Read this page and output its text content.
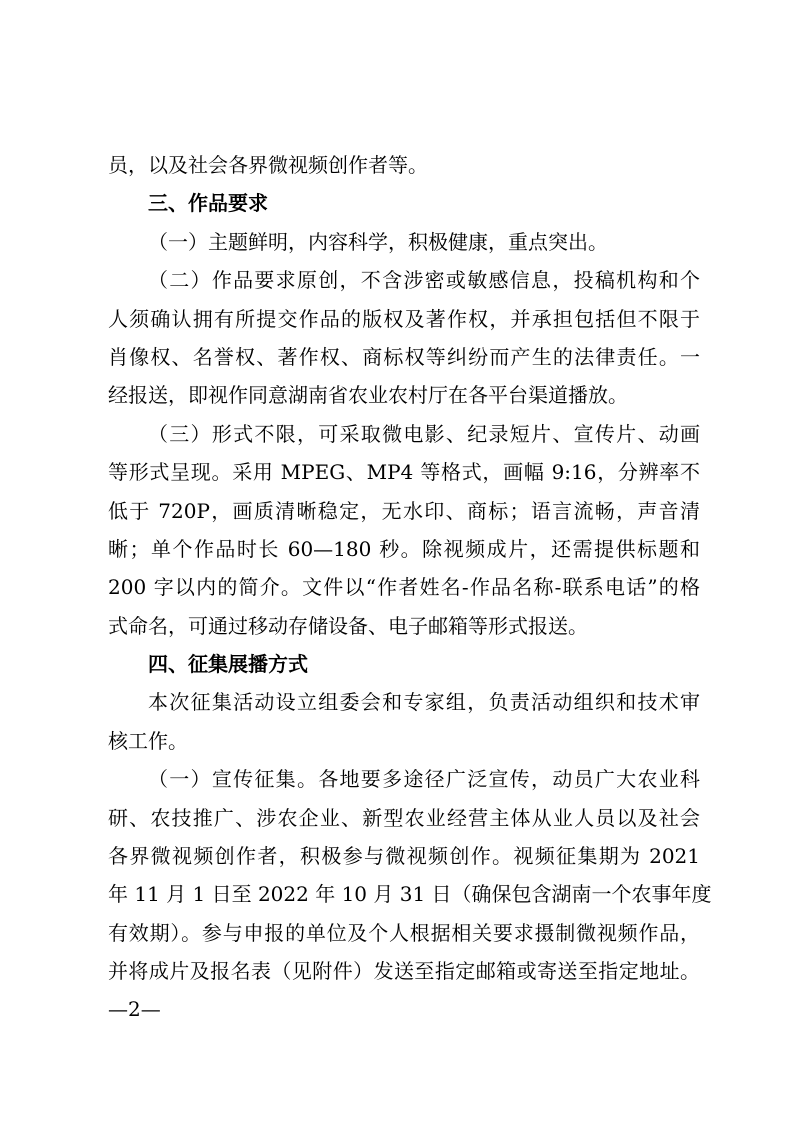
员，以及社会各界微视频创作者等。
三、作品要求
（一）主题鲜明，内容科学，积极健康，重点突出。
（二）作品要求原创，不含涉密或敏感信息，投稿机构和个
人须确认拥有所提交作品的版权及著作权，并承担包括但不限于
肖像权、名誉权、著作权、商标权等纠纷而产生的法律责任。一
经报送，即视作同意湖南省农业农村厅在各平台渠道播放。
（三）形式不限，可采取微电影、纪录短片、宣传片、动画
等形式呈现。采用 MPEG、MP4 等格式，画幅 9:16，分辨率不
低于 720P，画质清晰稳定，无水印、商标；语言流畅，声音清
晰；单个作品时长 60—180 秒。除视频成片，还需提供标题和
200 字以内的简介。文件以“作者姓名-作品名称-联系电话”的格
式命名，可通过移动存储设备、电子邮箱等形式报送。
四、征集展播方式
本次征集活动设立组委会和专家组，负责活动组织和技术审
核工作。
（一）宣传征集。各地要多途径广泛宣传，动员广大农业科
研、农技推广、涉农企业、新型农业经营主体从业人员以及社会
各界微视频创作者，积极参与微视频创作。视频征集期为 2021
年 11 月 1 日至 2022 年 10 月 31 日（确保包含湖南一个农事年度
有效期）。参与申报的单位及个人根据相关要求摄制微视频作品，
并将成片及报名表（见附件）发送至指定邮箱或寄送至指定地址。
—2—
